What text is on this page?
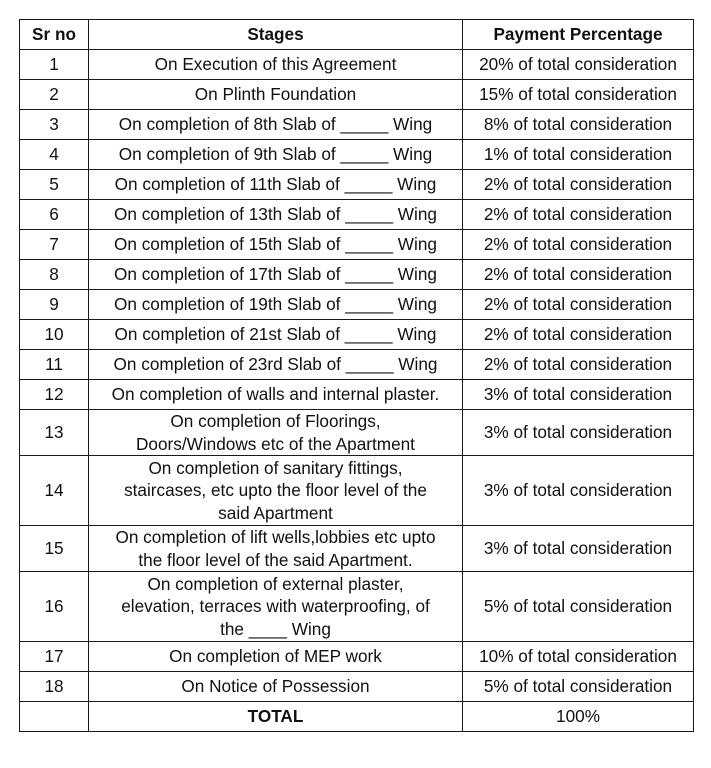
Sr no	Stages	Payment Percentage
1	On Execution of this Agreement	20% of total consideration
2	On Plinth Foundation	15% of total consideration
3	On completion of 8th Slab of _____ Wing	8% of total consideration
4	On completion of 9th Slab of _____ Wing	1% of total consideration
5	On completion of 11th Slab of _____ Wing	2% of total consideration
6	On completion of 13th Slab of _____ Wing	2% of total consideration
7	On completion of 15th Slab of _____ Wing	2% of total consideration
8	On completion of 17th Slab of _____ Wing	2% of total consideration
9	On completion of 19th Slab of _____ Wing	2% of total consideration
10	On completion of 21st Slab of _____ Wing	2% of total consideration
11	On completion of 23rd Slab of _____ Wing	2% of total consideration
12	On completion of walls and internal plaster.	3% of total consideration
13	On completion of Floorings,
Doors/Windows etc of the Apartment	3% of total consideration
14	On completion of sanitary fittings,
staircases, etc upto the floor level of the
said Apartment	3% of total consideration
15	On completion of lift wells,lobbies etc upto
the floor level of the said Apartment.	3% of total consideration
16	On completion of external plaster,
elevation, terraces with waterproofing, of
the ____ Wing	5% of total consideration
17	On completion of MEP work	10% of total consideration
18	On Notice of Possession	5% of total consideration
	TOTAL	100%
